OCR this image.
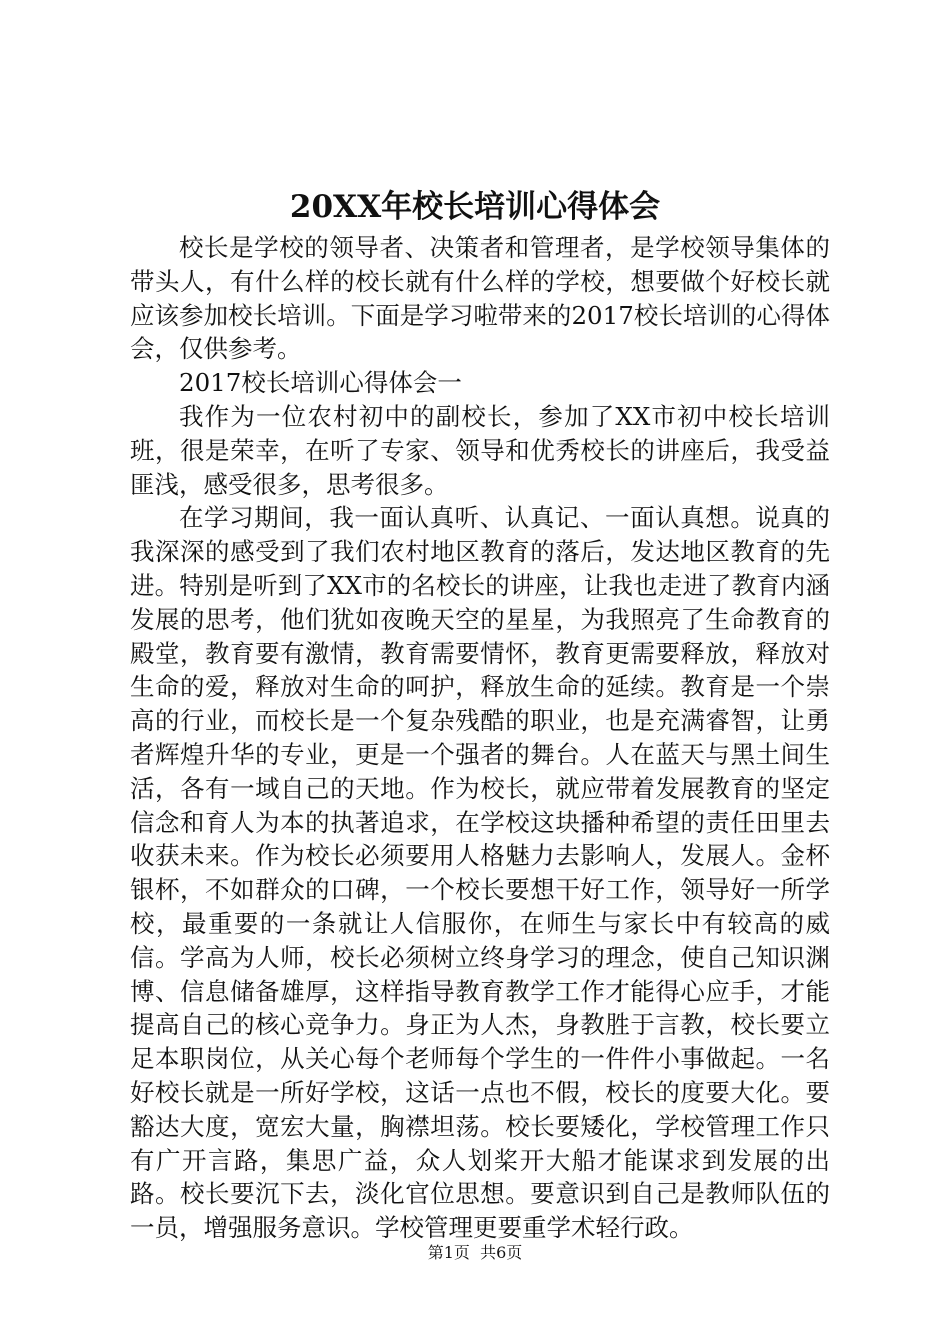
20XX年校长培训心得体会

校长是学校的领导者、决策者和管理者，是学校领导集体的带头人，有什么样的校长就有什么样的学校，想要做个好校长就应该参加校长培训。下面是学习啦带来的2017校长培训的心得体会，仅供参考。

2017校长培训心得体会一

我作为一位农村初中的副校长，参加了XX市初中校长培训班，很是荣幸，在听了专家、领导和优秀校长的讲座后，我受益匪浅，感受很多，思考很多。

在学习期间，我一面认真听、认真记、一面认真想。说真的我深深的感受到了我们农村地区教育的落后，发达地区教育的先进。特别是听到了XX市的名校长的讲座，让我也走进了教育内涵发展的思考，他们犹如夜晚天空的星星，为我照亮了生命教育的殿堂，教育要有激情，教育需要情怀，教育更需要释放，释放对生命的爱，释放对生命的呵护，释放生命的延续。教育是一个崇高的行业，而校长是一个复杂残酷的职业，也是充满睿智，让勇者辉煌升华的专业，更是一个强者的舞台。人在蓝天与黑土间生活，各有一域自己的天地。作为校长，就应带着发展教育的坚定信念和育人为本的执著追求，在学校这块播种希望的责任田里去收获未来。作为校长必须要用人格魅力去影响人，发展人。金杯银杯，不如群众的口碑，一个校长要想干好工作，领导好一所学校，最重要的一条就让人信服你，在师生与家长中有较高的威信。学高为人师，校长必须树立终身学习的理念，使自己知识渊博、信息储备雄厚，这样指导教育教学工作才能得心应手，才能提高自己的核心竞争力。身正为人杰，身教胜于言教，校长要立足本职岗位，从关心每个老师每个学生的一件件小事做起。一名好校长就是一所好学校，这话一点也不假，校长的度要大化。要豁达大度，宽宏大量，胸襟坦荡。校长要矮化，学校管理工作只有广开言路，集思广益，众人划桨开大船才能谋求到发展的出路。校长要沉下去，淡化官位思想。要意识到自己是教师队伍的一员，增强服务意识。学校管理更要重学术轻行政。

第1页 共6页
